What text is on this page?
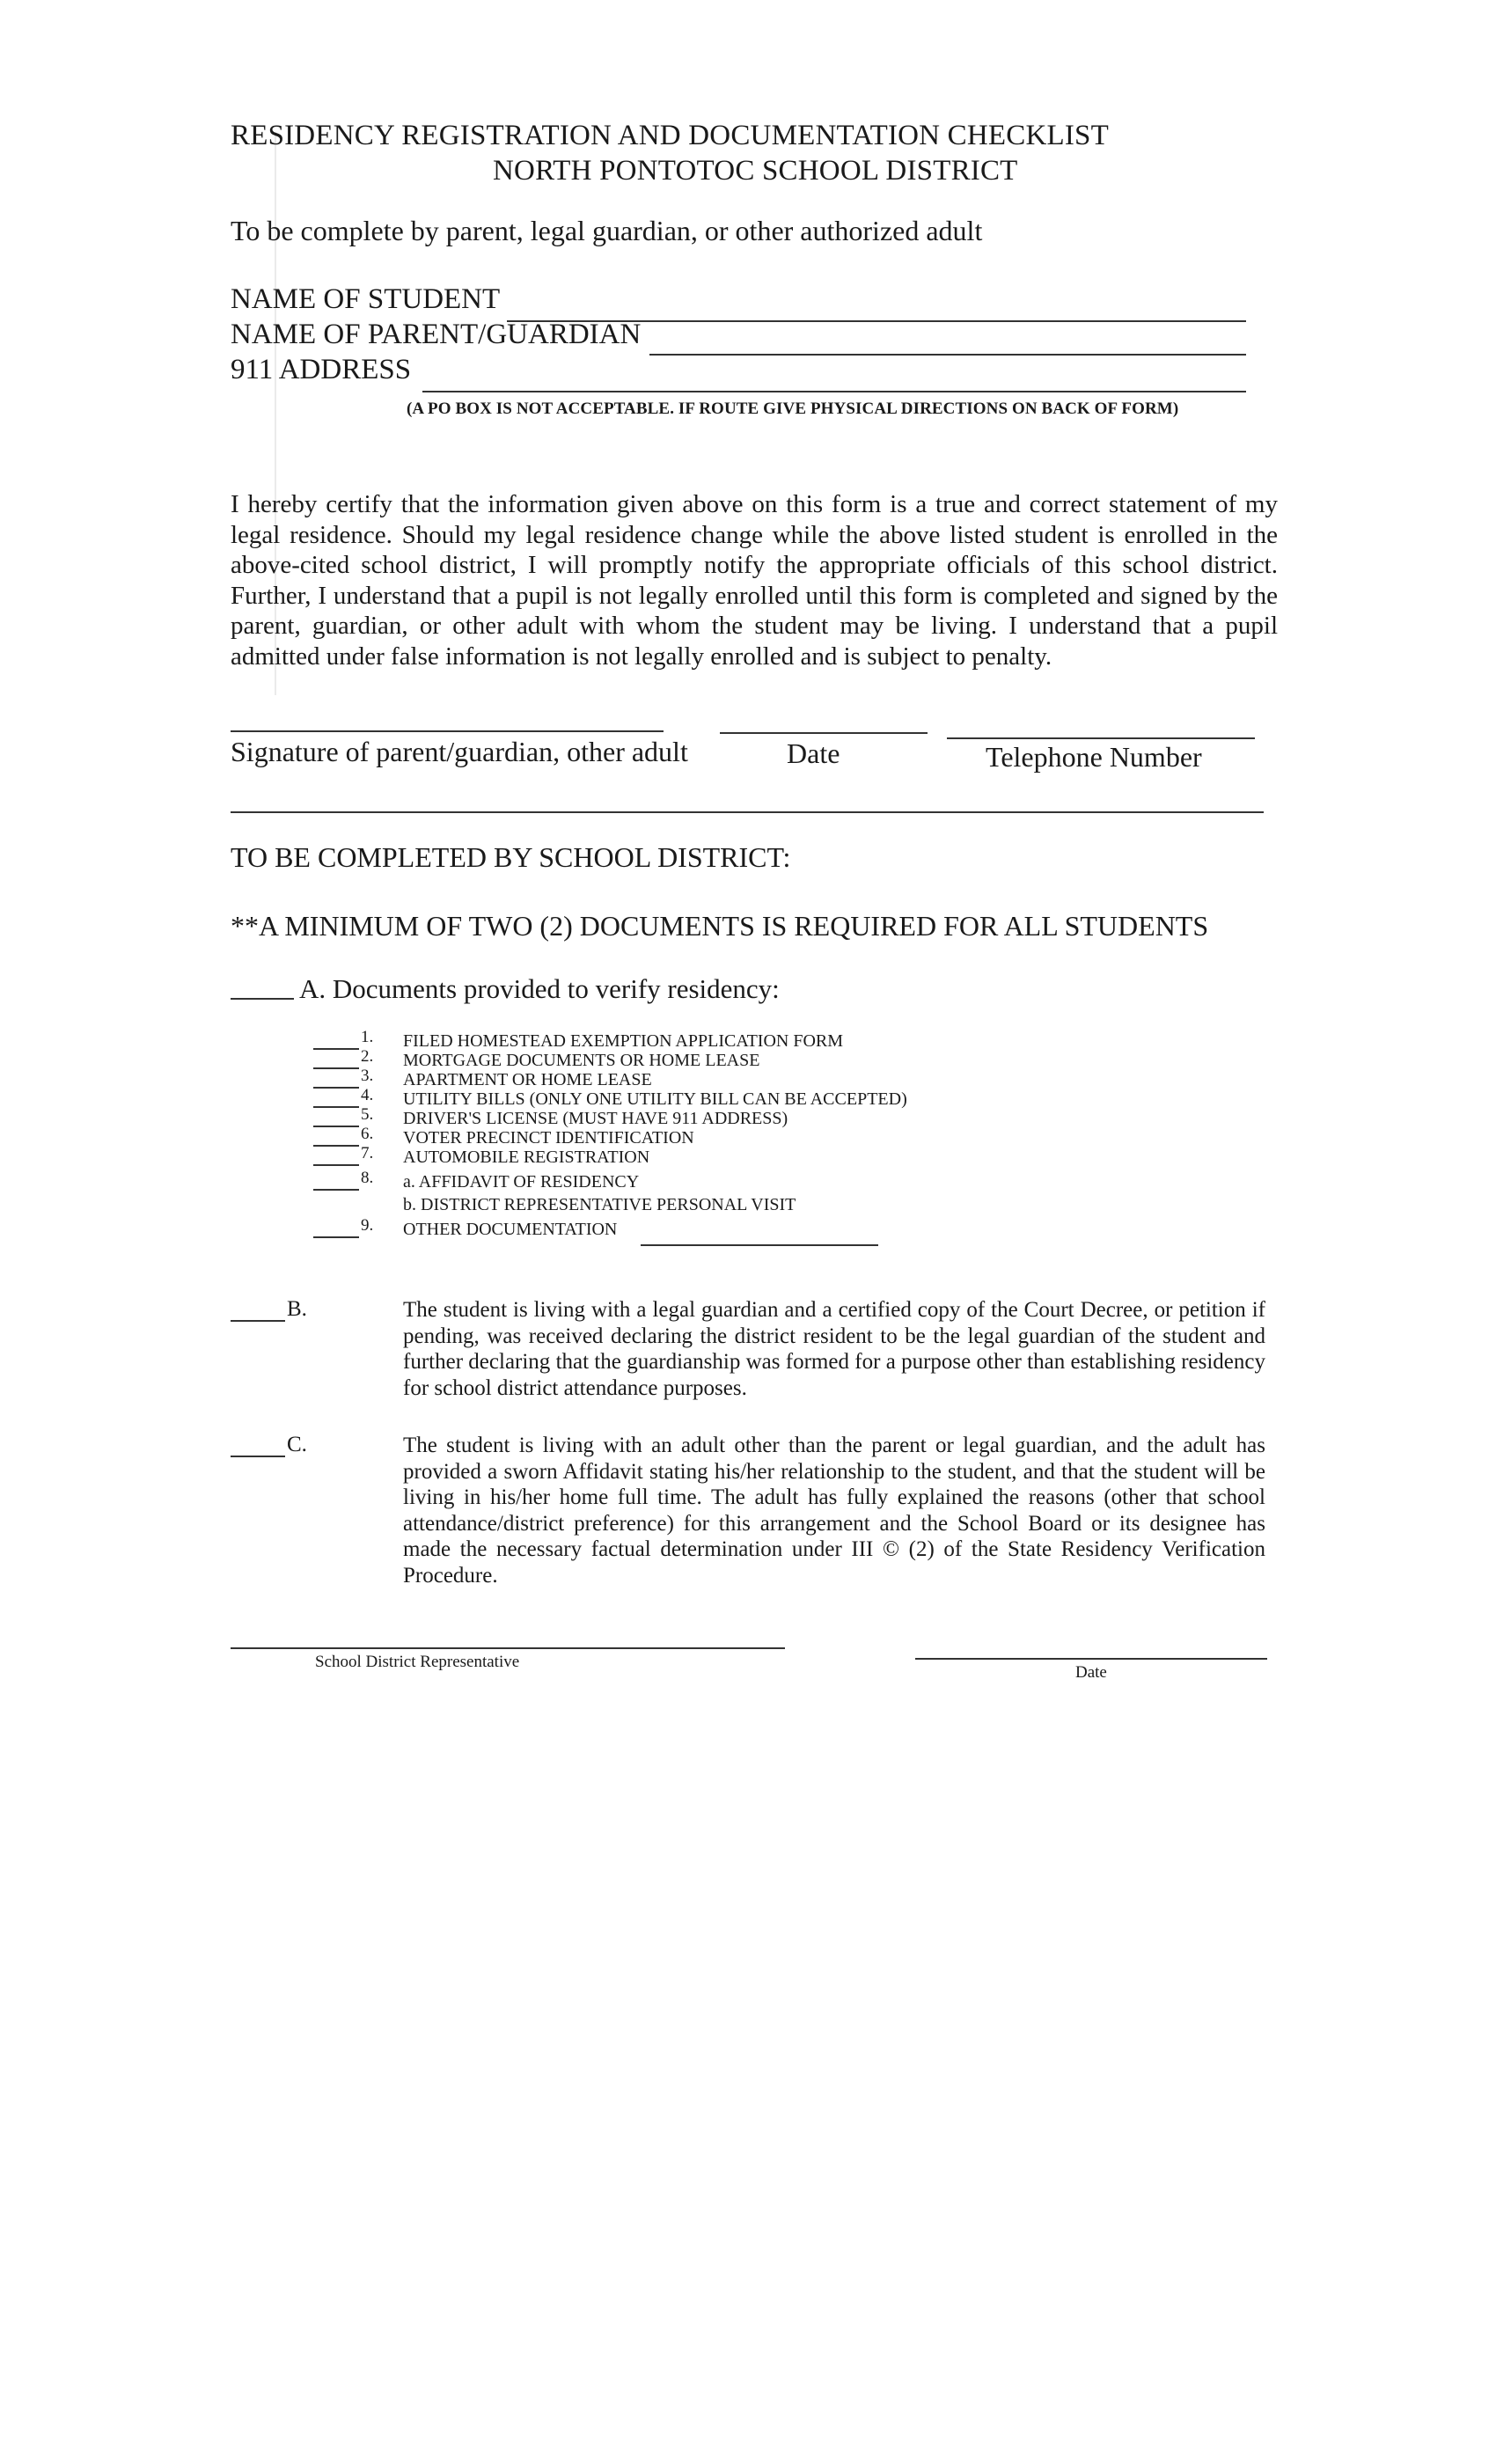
RESIDENCY REGISTRATION AND DOCUMENTATION CHECKLIST
NORTH PONTOTOC SCHOOL DISTRICT
To be complete by parent, legal guardian, or other authorized adult
NAME OF STUDENT
NAME OF PARENT/GUARDIAN
911 ADDRESS
(A PO BOX IS NOT ACCEPTABLE. IF ROUTE GIVE PHYSICAL DIRECTIONS ON BACK OF FORM)
I hereby certify that the information given above on this form is a true and correct statement of my legal residence. Should my legal residence change while the above listed student is enrolled in the above-cited school district, I will promptly notify the appropriate officials of this school district. Further, I understand that a pupil is not legally enrolled until this form is completed and signed by the parent, guardian, or other adult with whom the student may be living. I understand that a pupil admitted under false information is not legally enrolled and is subject to penalty.
Signature of parent/guardian, other adult	Date	Telephone Number
TO BE COMPLETED BY SCHOOL DISTRICT:
**A MINIMUM OF TWO (2) DOCUMENTS IS REQUIRED FOR ALL STUDENTS
A. Documents provided to verify residency:
1. FILED HOMESTEAD EXEMPTION APPLICATION FORM
2. MORTGAGE DOCUMENTS OR HOME LEASE
3. APARTMENT OR HOME LEASE
4. UTILITY BILLS (ONLY ONE UTILITY BILL CAN BE ACCEPTED)
5. DRIVER'S LICENSE (MUST HAVE 911 ADDRESS)
6. VOTER PRECINCT IDENTIFICATION
7. AUTOMOBILE REGISTRATION
8. a. AFFIDAVIT OF RESIDENCY
b. DISTRICT REPRESENTATIVE PERSONAL VISIT
9. OTHER DOCUMENTATION
B.	The student is living with a legal guardian and a certified copy of the Court Decree, or petition if pending, was received declaring the district resident to be the legal guardian of the student and further declaring that the guardianship was formed for a purpose other than establishing residency for school district attendance purposes.
C.	The student is living with an adult other than the parent or legal guardian, and the adult has provided a sworn Affidavit stating his/her relationship to the student, and that the student will be living in his/her home full time. The adult has fully explained the reasons (other that school attendance/district preference) for this arrangement and the School Board or its designee has made the necessary factual determination under III © (2) of the State Residency Verification Procedure.
School District Representative
Date
